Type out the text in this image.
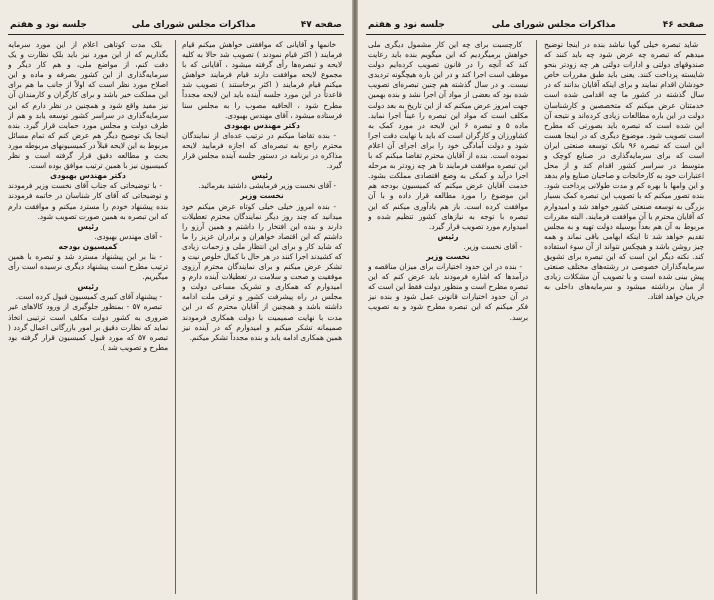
صفحه ۴۷
مذاکرات مجلس شورای ملی
جلسه نود و هفتم

خانمها و آقایانی که موافقتی خواهش میکنم قیام فرمایند ( اکثر قیام نمودند ) تصویب شد حالا به کلیه لایحه و تبصره‌ها رأی گرفته میشود ، آقایانی که با مجموع لایحه موافقت دارند قیام فرمایند خواهش میکنم قیام فرمایند ( اکثر برخاستند ) تصویب شد قاعدتاً در این مورد جلسه آینده باید این لایحه مجدداً مطرح شود ، الحاقیه مصوب را به مجلس سنا فرستاده میشود ، آقای مهندس بهبودی.

دکتر مهندس بهبودی

- بنده تقاضا میکنم در ترتیب عده‌ای از نمایندگان محترم راجع به تبصره‌ای که اجازه فرمایید لایحه مذاکره در برنامه در دستور جلسه آینده مجلس قرار گیرد.

رئیس

- آقای نخست وزیر فرمایشی داشتید بفرمائید.

نخست وزیر

- بنده امروز خیلی خیلی کوتاه عرض میکنم خود میدانید که چند روز دیگر نمایندگان محترم تعطیلات دارند و بنده این افتخار را داشتم و همین آرزو را داشتم که این اقتصاد خواهران و برادران عزیز را ما که شاید کار و برای این انتظار ملی و زحمات زیادی که کشیدند اجرا کنند در هر حال با کمال خلوص نیت و تشکر عرض میکنم و برای نمایندگان محترم آرزوی موفقیت و صحت و سلامت در تعطیلات آینده دارم و امیدوارم که همکاری و تشریک مساعی دولت و مجلس در راه پیشرفت کشور و ترقی ملت ادامه داشته باشد و همچنین از آقایان محترم که در این مدت با نهایت صمیمیت با دولت همکاری فرمودند صمیمانه تشکر میکنم و امیدوارم که در آینده نیز همین همکاری ادامه یابد و بنده مجدداً تشکر میکنم.

بلک مدت کوتاهی اعلام از این مورد سرمایه بگذاریم که از این مورد نیز باید بلک نظارت و یک دقت کنم، از مواضع ملی، و هم کار دیگر و سرمایه‌گذاری از این کشور بصرفه و ماده و این اصلاح مورد نظر است که اولاً از جانب ما هم برای این مملکت خیر باشد و برای کارگران و کارمندان آن نیز مفید واقع شود و همچنین در نظر دارم که این سرمایه‌گذاری در سراسر کشور توسعه یابد و هم از طرف دولت و مجلس مورد حمایت قرار گیرد. بنده اینجا یک توضیح دیگر هم عرض کنم که تمام مسائل مربوط به این لایحه قبلاً در کمیسیونهای مربوطه مورد بحث و مطالعه دقیق قرار گرفته است و نظر کمیسیون نیز با همین ترتیب موافق بوده است.

دکتر مهندس بهبودی

- با توضیحاتی که جناب آقای نخست وزیر فرمودند و توضیحاتی که آقای کار شناسان در خاتمه فرمودند بنده پیشنهاد خودم را مسترد میکنم و موافقت دارم که این تبصره به همین صورت تصویب شود.

رئیس

- آقای مهندس بهبودی.

کمیسیون بودجه

- بنا بر این پیشنهاد مسترد شد و تبصره با همین ترتیب مطرح است پیشنهاد دیگری نرسیده است رأی میگیریم.

رئیس

- پیشنهاد آقای کبیری کمیسیون قبول کرده است.

تبصره ۵۷ - بمنظور جلوگیری از ورود کالاهای غیر ضروری به کشور دولت مکلف است ترتیبی اتخاذ نماید که نظارت دقیق بر امور بازرگانی اعمال گردد ( تبصره ۵۷ که مورد قبول کمیسیون قرار گرفته بود مطرح و تصویب شد ).

صفحه ۴۶
مذاکرات مجلس شورای ملی
جلسه نود و هفتم

شاید تبصره خیلی گویا نباشد بنده در اینجا توضیح میدهم که تبصره چه عرض شود چه باید کنند که صندوقهای دولتی و ادارات دولتی هر چه زودتر بنحو شایسته پرداخت کنند. یعنی باید طبق مقررات خاص خودشان اقدام نمایند و برای اینکه آقایان بدانند که در سال گذشته در کشور ما چه اقدامی شده است خدمتتان عرض میکنم که متخصصین و کارشناسان دولت در این باره مطالعات زیادی کرده‌اند و نتیجه آن این شده است که تبصره باید بصورتی که مطرح است تصویب شود. موضوع دیگری که در اینجا هست این است که تبصره ۹۶ بانک توسعه صنعتی ایران است که برای سرمایه‌گذاری در صنایع کوچک و متوسط در سراسر کشور اقدام کند و از محل اعتبارات خود به کارخانجات و صاحبان صنایع وام بدهد و این وامها با بهره کم و مدت طولانی پرداخت شود. بنده تصور میکنم که با تصویب این تبصره کمک بسیار بزرگی به توسعه صنعتی کشور خواهد شد و امیدوارم که آقایان محترم با آن موافقت فرمایند. البته مقررات مربوط به آن هم بعداً بوسیله دولت تهیه و به مجلس تقدیم خواهد شد تا اینکه ابهامی باقی نماند و همه چیز روشن باشد و هیچکس نتواند از آن سوء استفاده کند. نکته دیگر این است که این تبصره برای تشویق سرمایه‌گذاران خصوصی در رشته‌های مختلف صنعتی پیش بینی شده است و با تصویب آن مشکلات زیادی از میان برداشته میشود و سرمایه‌های داخلی به جریان خواهد افتاد.

کارچسبت برای چه این کار مشمول دیگری ملی خواهش برمیگردیم که این میگویم بنده باید رعایت کند که آنچه را در قانون تصویب کرده‌ایم دولت موظف است اجرا کند و در این باره هیچگونه تردیدی نیست. و در سال گذشته هم چنین تبصره‌ای تصویب شده بود که بعضی از مواد آن اجرا نشد و بنده بهمین جهت امروز عرض میکنم که از این تاریخ به بعد دولت مکلف است که مواد این تبصره را عیناً اجرا نماید. ماده ۵ و تبصره ۶ این لایحه در مورد کمک به کشاورزان و کارگران است که باید با نهایت دقت اجرا شود و دولت آمادگی خود را برای اجرای آن اعلام نموده است. بنده از آقایان محترم تقاضا میکنم که با این تبصره موافقت فرمایند تا هر چه زودتر به مرحله اجرا درآید و کمکی به وضع اقتصادی مملکت بشود. خدمت آقایان عرض میکنم که کمیسیون بودجه هم این موضوع را مورد مطالعه قرار داده و با آن موافقت کرده است. باز هم یادآوری میکنم که این تبصره با توجه به نیازهای کشور تنظیم شده و امیدوارم مورد تصویب قرار گیرد.

رئیس

- آقای نخست وزیر.

نخست وزیر

- بنده در این حدود اختیارات برای میزان مناقصه و درآمدها که اشاره فرمودند باید عرض کنم که این تبصره مطرح است و منظور دولت فقط این است که در آن حدود اختیارات قانونی عمل شود و بنده نیز فکر میکنم که این تبصره مطرح شود و به تصویب برسد.
